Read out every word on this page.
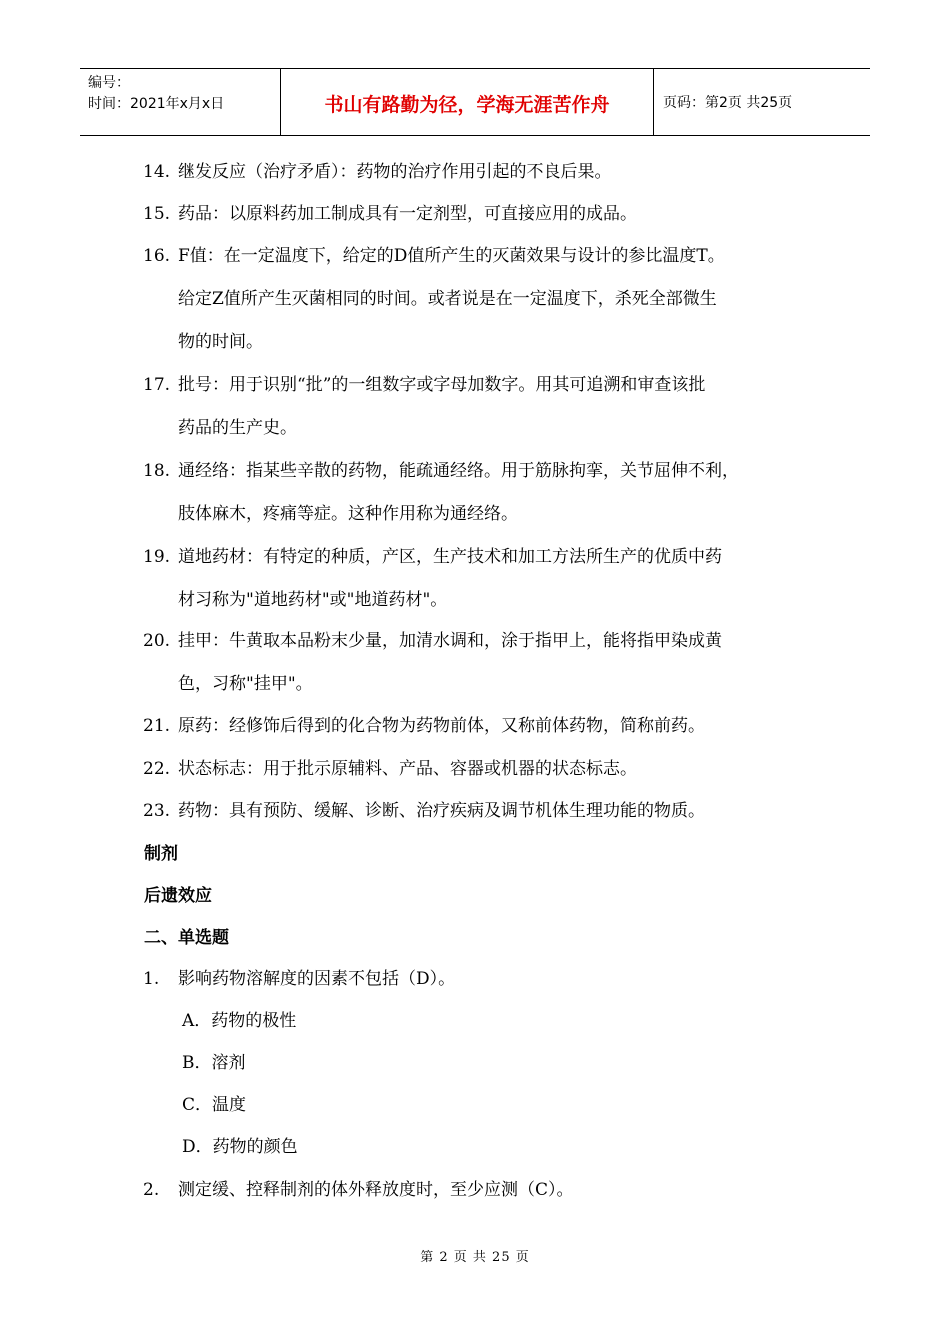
编号：
时间：2021年x月x日	书山有路勤为径，学海无涯苦作舟	页码：第2页 共25页
14. 继发反应（治疗矛盾）：药物的治疗作用引起的不良后果。
15. 药品：以原料药加工制成具有一定剂型，可直接应用的成品。
16. F值：在一定温度下，给定的D值所产生的灭菌效果与设计的参比温度T。
给定Z值所产生灭菌相同的时间。或者说是在一定温度下，杀死全部微生
物的时间。
17. 批号：用于识别“批”的一组数字或字母加数字。用其可追溯和审查该批
药品的生产史。
18. 通经络：指某些辛散的药物，能疏通经络。用于筋脉拘挛，关节屈伸不利，
肢体麻木，疼痛等症。这种作用称为通经络。
19. 道地药材：有特定的种质，产区，生产技术和加工方法所生产的优质中药
材习称为"道地药材"或"地道药材"。
20. 挂甲：牛黄取本品粉末少量，加清水调和，涂于指甲上，能将指甲染成黄
色，习称"挂甲"。
21. 原药：经修饰后得到的化合物为药物前体，又称前体药物，简称前药。
22. 状态标志：用于批示原辅料、产品、容器或机器的状态标志。
23. 药物：具有预防、缓解、诊断、治疗疾病及调节机体生理功能的物质。
制剂
后遗效应
二、单选题
1. 影响药物溶解度的因素不包括（D）。
A．药物的极性
B．溶剂
C．温度
D．药物的颜色
2. 测定缓、控释制剂的体外释放度时，至少应测（C）。
第 2 页 共 25 页
